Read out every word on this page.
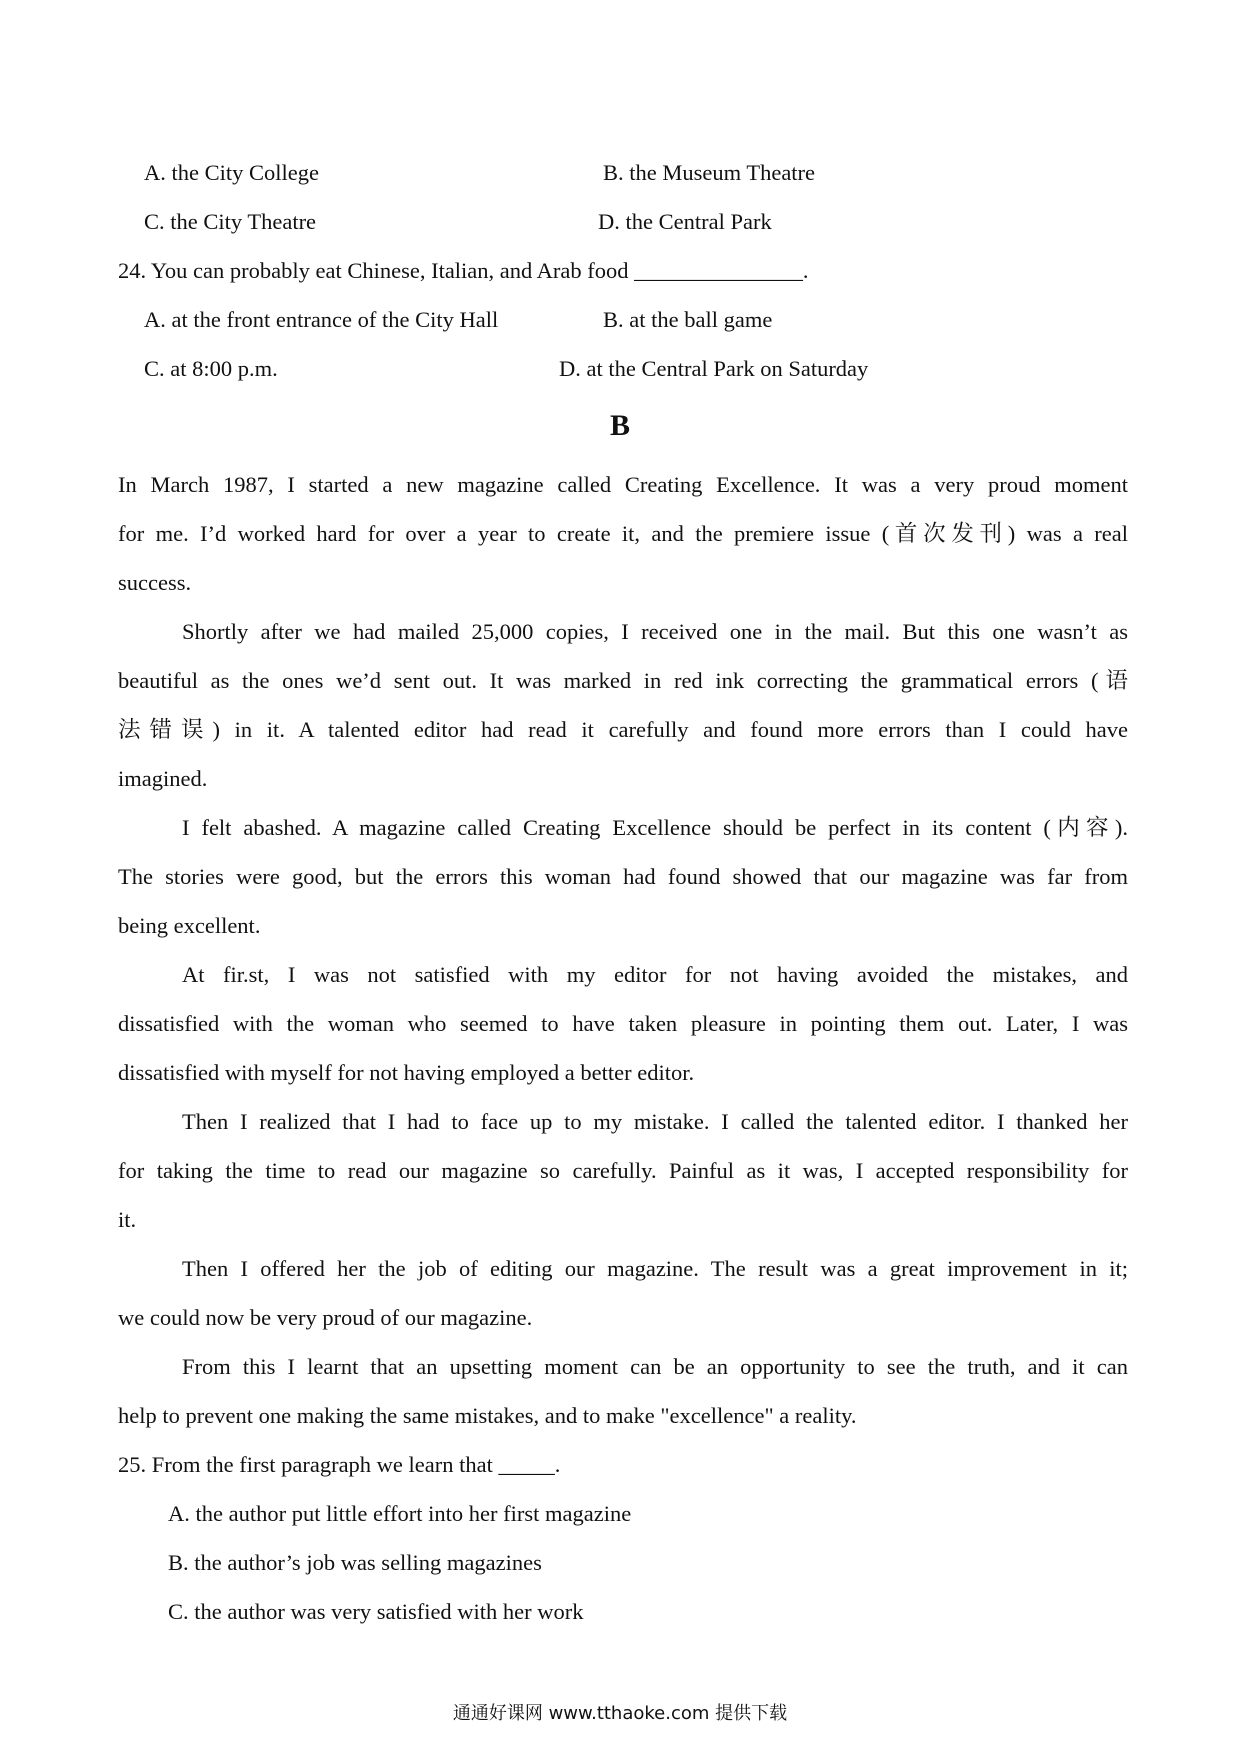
A. the City College	B. the Museum Theatre
C. the City Theatre	D. the Central Park
24. You can probably eat Chinese, Italian, and Arab food _______________.
A. at the front entrance of the City Hall	B. at the ball game
C. at 8:00 p.m.	D. at the Central Park on Saturday
B
In March 1987, I started a new magazine called Creating Excellence. It was a very proud moment
for me. I’d worked hard for over a year to create it, and the premiere issue (首次发刊) was a real
success.
Shortly after we had mailed 25,000 copies, I received one in the mail. But this one wasn’t as
beautiful as the ones we’d sent out. It was marked in red ink correcting the grammatical errors (语
法错误) in it. A talented editor had read it carefully and found more errors than I could have
imagined.
I felt abashed. A magazine called Creating Excellence should be perfect in its content (内容).
The stories were good, but the errors this woman had found showed that our magazine was far from
being excellent.
At fir.st, I was not satisfied with my editor for not having avoided the mistakes, and
dissatisfied with the woman who seemed to have taken pleasure in pointing them out. Later, I was
dissatisfied with myself for not having employed a better editor.
Then I realized that I had to face up to my mistake. I called the talented editor. I thanked her
for taking the time to read our magazine so carefully. Painful as it was, I accepted responsibility for
it.
Then I offered her the job of editing our magazine. The result was a great improvement in it;
we could now be very proud of our magazine.
From this I learnt that an upsetting moment can be an opportunity to see the truth, and it can
help to prevent one making the same mistakes, and to make "excellence" a reality.
25. From the first paragraph we learn that _____.
A. the author put little effort into her first magazine
B. the author’s job was selling magazines
C. the author was very satisfied with her work
通通好课网 www.tthaoke.com 提供下载
